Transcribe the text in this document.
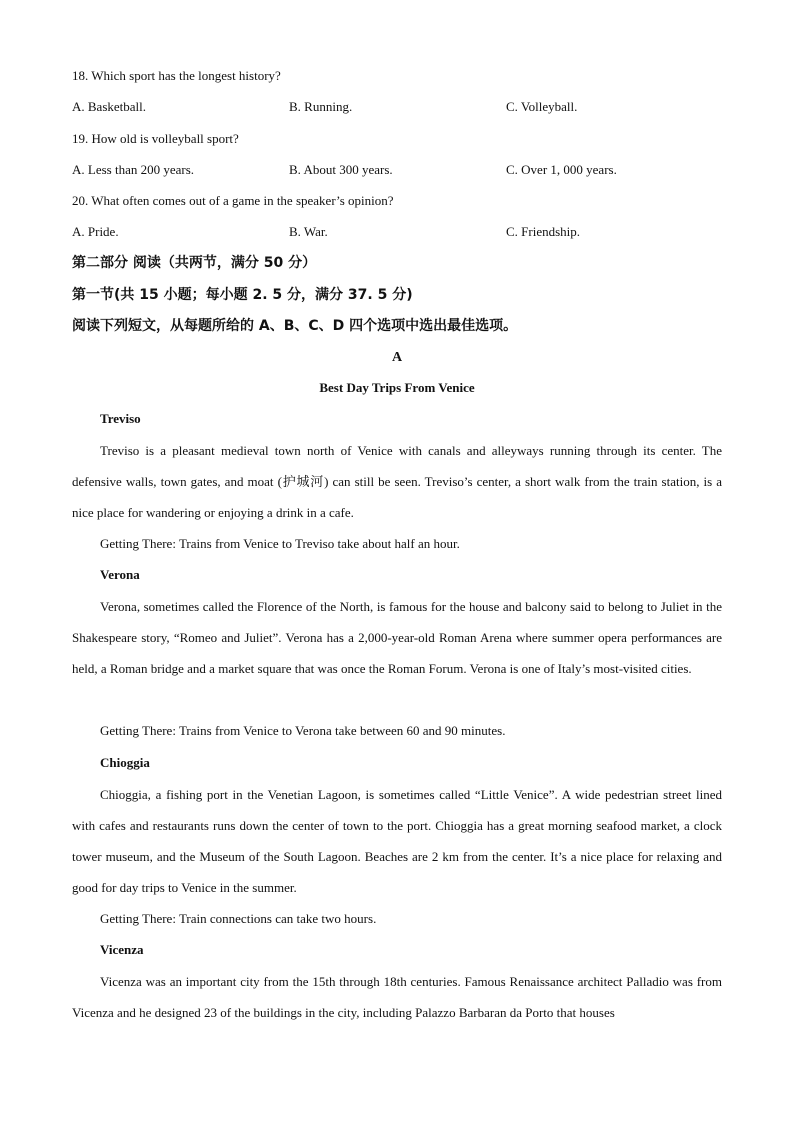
18. Which sport has the longest history?
A. Basketball.	B. Running.	C. Volleyball.
19. How old is volleyball sport?
A. Less than 200 years.	B. About 300 years.	C. Over 1, 000 years.
20. What often comes out of a game in the speaker’s opinion?
A. Pride.	B. War.	C. Friendship.
第二部分 阅读（共两节，满分 50 分）
第一节(共 15 小题；每小题 2. 5 分，满分 37. 5 分)
阅读下列短文，从每题所给的 A、B、C、D 四个选项中选出最佳选项。
A
Best Day Trips From Venice
Treviso
Treviso is a pleasant medieval town north of Venice with canals and alleyways running through its center. The defensive walls, town gates, and moat (护城河) can still be seen. Treviso’s center, a short walk from the train station, is a nice place for wandering or enjoying a drink in a cafe.
Getting There: Trains from Venice to Treviso take about half an hour.
Verona
Verona, sometimes called the Florence of the North, is famous for the house and balcony said to belong to Juliet in the Shakespeare story, “Romeo and Juliet”. Verona has a 2,000-year-old Roman Arena where summer opera performances are held, a Roman bridge and a market square that was once the Roman Forum. Verona is one of Italy’s most-visited cities.
Getting There: Trains from Venice to Verona take between 60 and 90 minutes.
Chioggia
Chioggia, a fishing port in the Venetian Lagoon, is sometimes called “Little Venice”. A wide pedestrian street lined with cafes and restaurants runs down the center of town to the port. Chioggia has a great morning seafood market, a clock tower museum, and the Museum of the South Lagoon. Beaches are 2 km from the center. It’s a nice place for relaxing and good for day trips to Venice in the summer.
Getting There: Train connections can take two hours.
Vicenza
Vicenza was an important city from the 15th through 18th centuries. Famous Renaissance architect Palladio was from Vicenza and he designed 23 of the buildings in the city, including Palazzo Barbaran da Porto that houses
